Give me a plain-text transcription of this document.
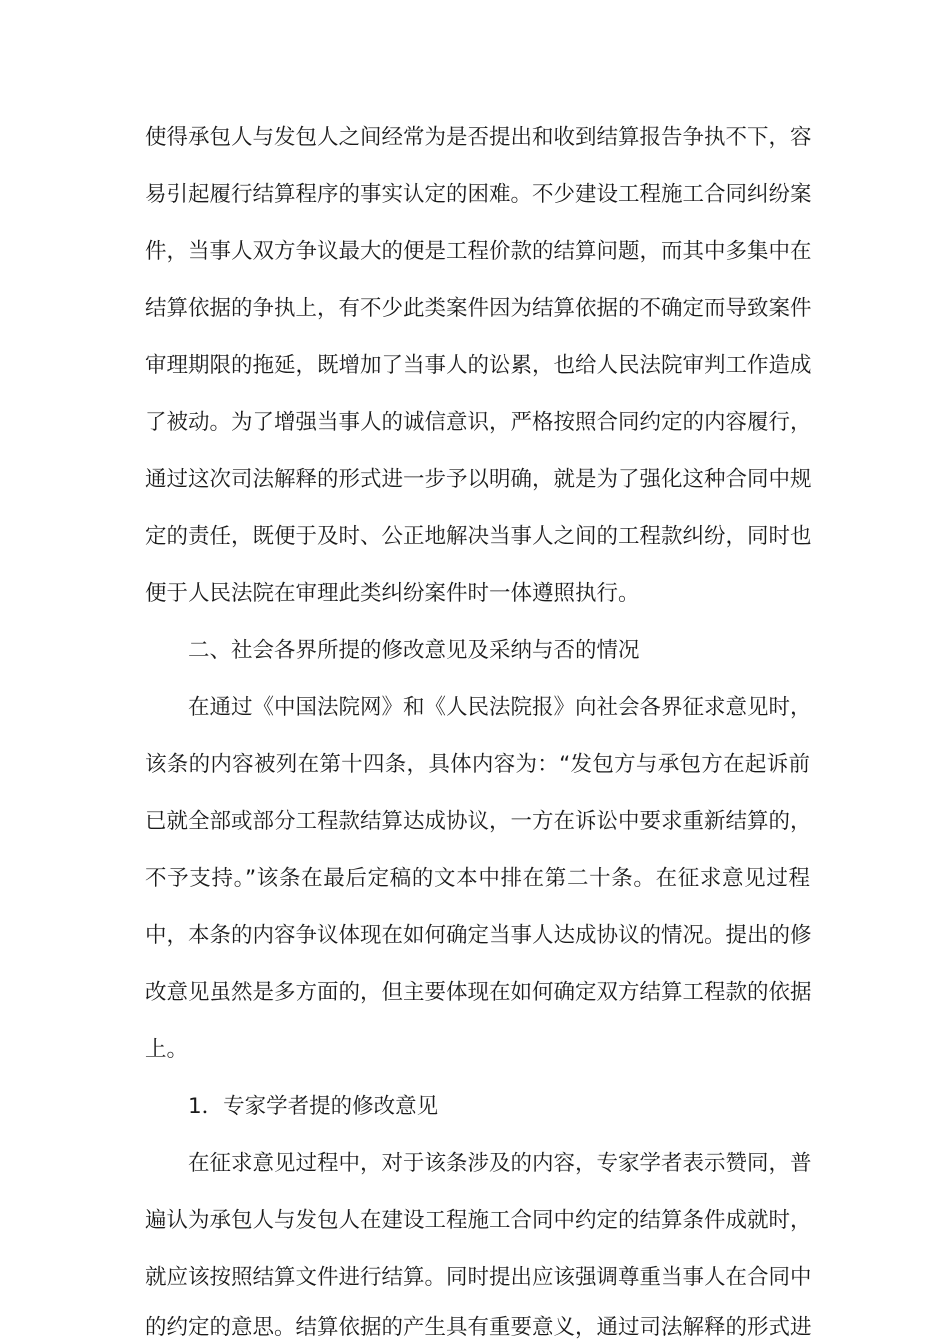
使得承包人与发包人之间经常为是否提出和收到结算报告争执不下，容
易引起履行结算程序的事实认定的困难。不少建设工程施工合同纠纷案
件，当事人双方争议最大的便是工程价款的结算问题，而其中多集中在
结算依据的争执上，有不少此类案件因为结算依据的不确定而导致案件
审理期限的拖延，既增加了当事人的讼累，也给人民法院审判工作造成
了被动。为了增强当事人的诚信意识，严格按照合同约定的内容履行，
通过这次司法解释的形式进一步予以明确，就是为了强化这种合同中规
定的责任，既便于及时、公正地解决当事人之间的工程款纠纷，同时也
便于人民法院在审理此类纠纷案件时一体遵照执行。
二、社会各界所提的修改意见及采纳与否的情况
在通过《中国法院网》和《人民法院报》向社会各界征求意见时，
该条的内容被列在第十四条，具体内容为：“发包方与承包方在起诉前
已就全部或部分工程款结算达成协议，一方在诉讼中要求重新结算的，
不予支持。”该条在最后定稿的文本中排在第二十条。在征求意见过程
中，本条的内容争议体现在如何确定当事人达成协议的情况。提出的修
改意见虽然是多方面的，但主要体现在如何确定双方结算工程款的依据
上。
1．专家学者提的修改意见
在征求意见过程中，对于该条涉及的内容，专家学者表示赞同，普
遍认为承包人与发包人在建设工程施工合同中约定的结算条件成就时，
就应该按照结算文件进行结算。同时提出应该强调尊重当事人在合同中
的约定的意思。结算依据的产生具有重要意义，通过司法解释的形式进
